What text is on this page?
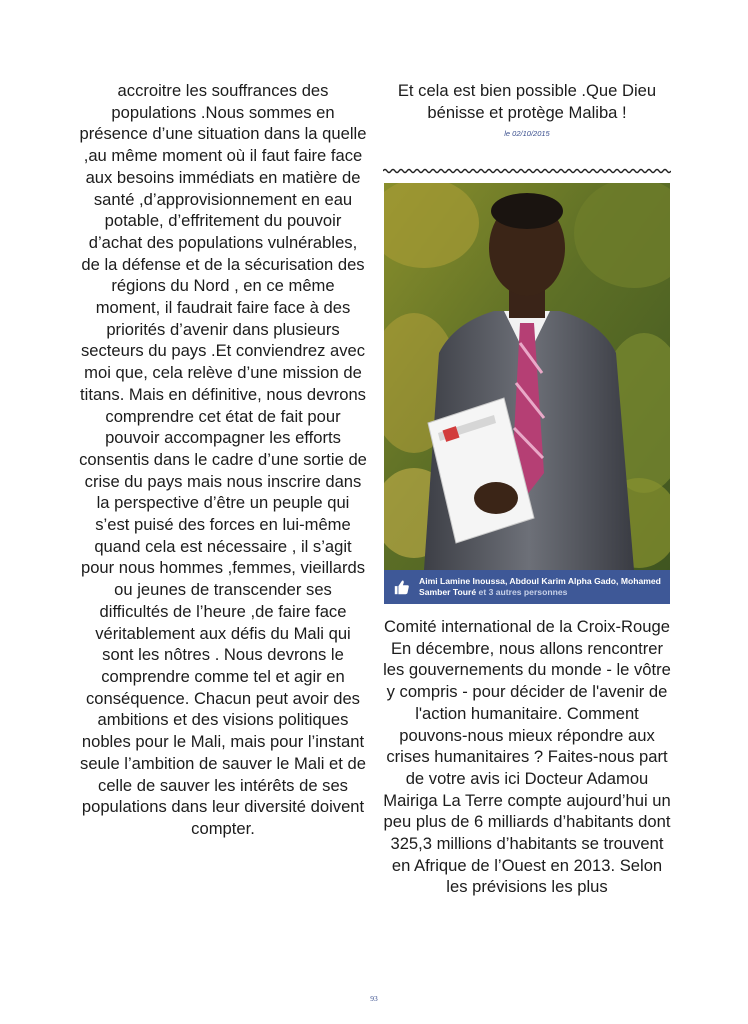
accroitre les souffrances des populations .Nous sommes en présence d’une situation dans la quelle ,au même moment où il faut faire face aux besoins immédiats en matière de santé ,d’approvisionnement en eau potable, d’effritement du pouvoir d’achat des populations vulnérables, de la défense et de la sécurisation des régions du Nord , en ce même moment, il faudrait faire face à des priorités d’avenir dans plusieurs secteurs du pays .Et conviendrez avec moi que, cela relève d’une mission de titans. Mais en définitive, nous devrons comprendre cet état de fait pour pouvoir accompagner les efforts consentis dans le cadre d’une sortie de crise du pays mais nous inscrire dans la perspective d’être un peuple qui s’est puisé des forces en lui-même quand cela est nécessaire , il s’agit pour nous hommes ,femmes, vieillards ou jeunes de transcender ses difficultés de l’heure ,de faire face véritablement aux défis du Mali qui sont les nôtres . Nous devrons le comprendre comme tel et agir en conséquence. Chacun peut avoir des ambitions et des visions politiques nobles pour le Mali, mais pour l’instant seule l’ambition de sauver le Mali et de celle de sauver les intérêts de ses populations dans leur diversité doivent compter.

Et cela est bien possible .Que Dieu bénisse et protège Maliba !

le 02/10/2015
Aimi Lamine Inoussa, Abdoul Karim Alpha Gado, Mohamed Samber Touré et 3 autres personnes

Comité international de la Croix-Rouge En décembre, nous allons rencontrer les gouvernements du monde - le vôtre y compris - pour décider de l'avenir de l'action humanitaire. Comment pouvons-nous mieux répondre aux crises humanitaires ? Faites-nous part de votre avis ici Docteur Adamou Mairiga La Terre compte aujourd’hui un peu plus de 6 milliards d’habitants dont 325,3 millions d’habitants se trouvent en Afrique de l’Ouest en 2013. Selon les prévisions les plus

93
